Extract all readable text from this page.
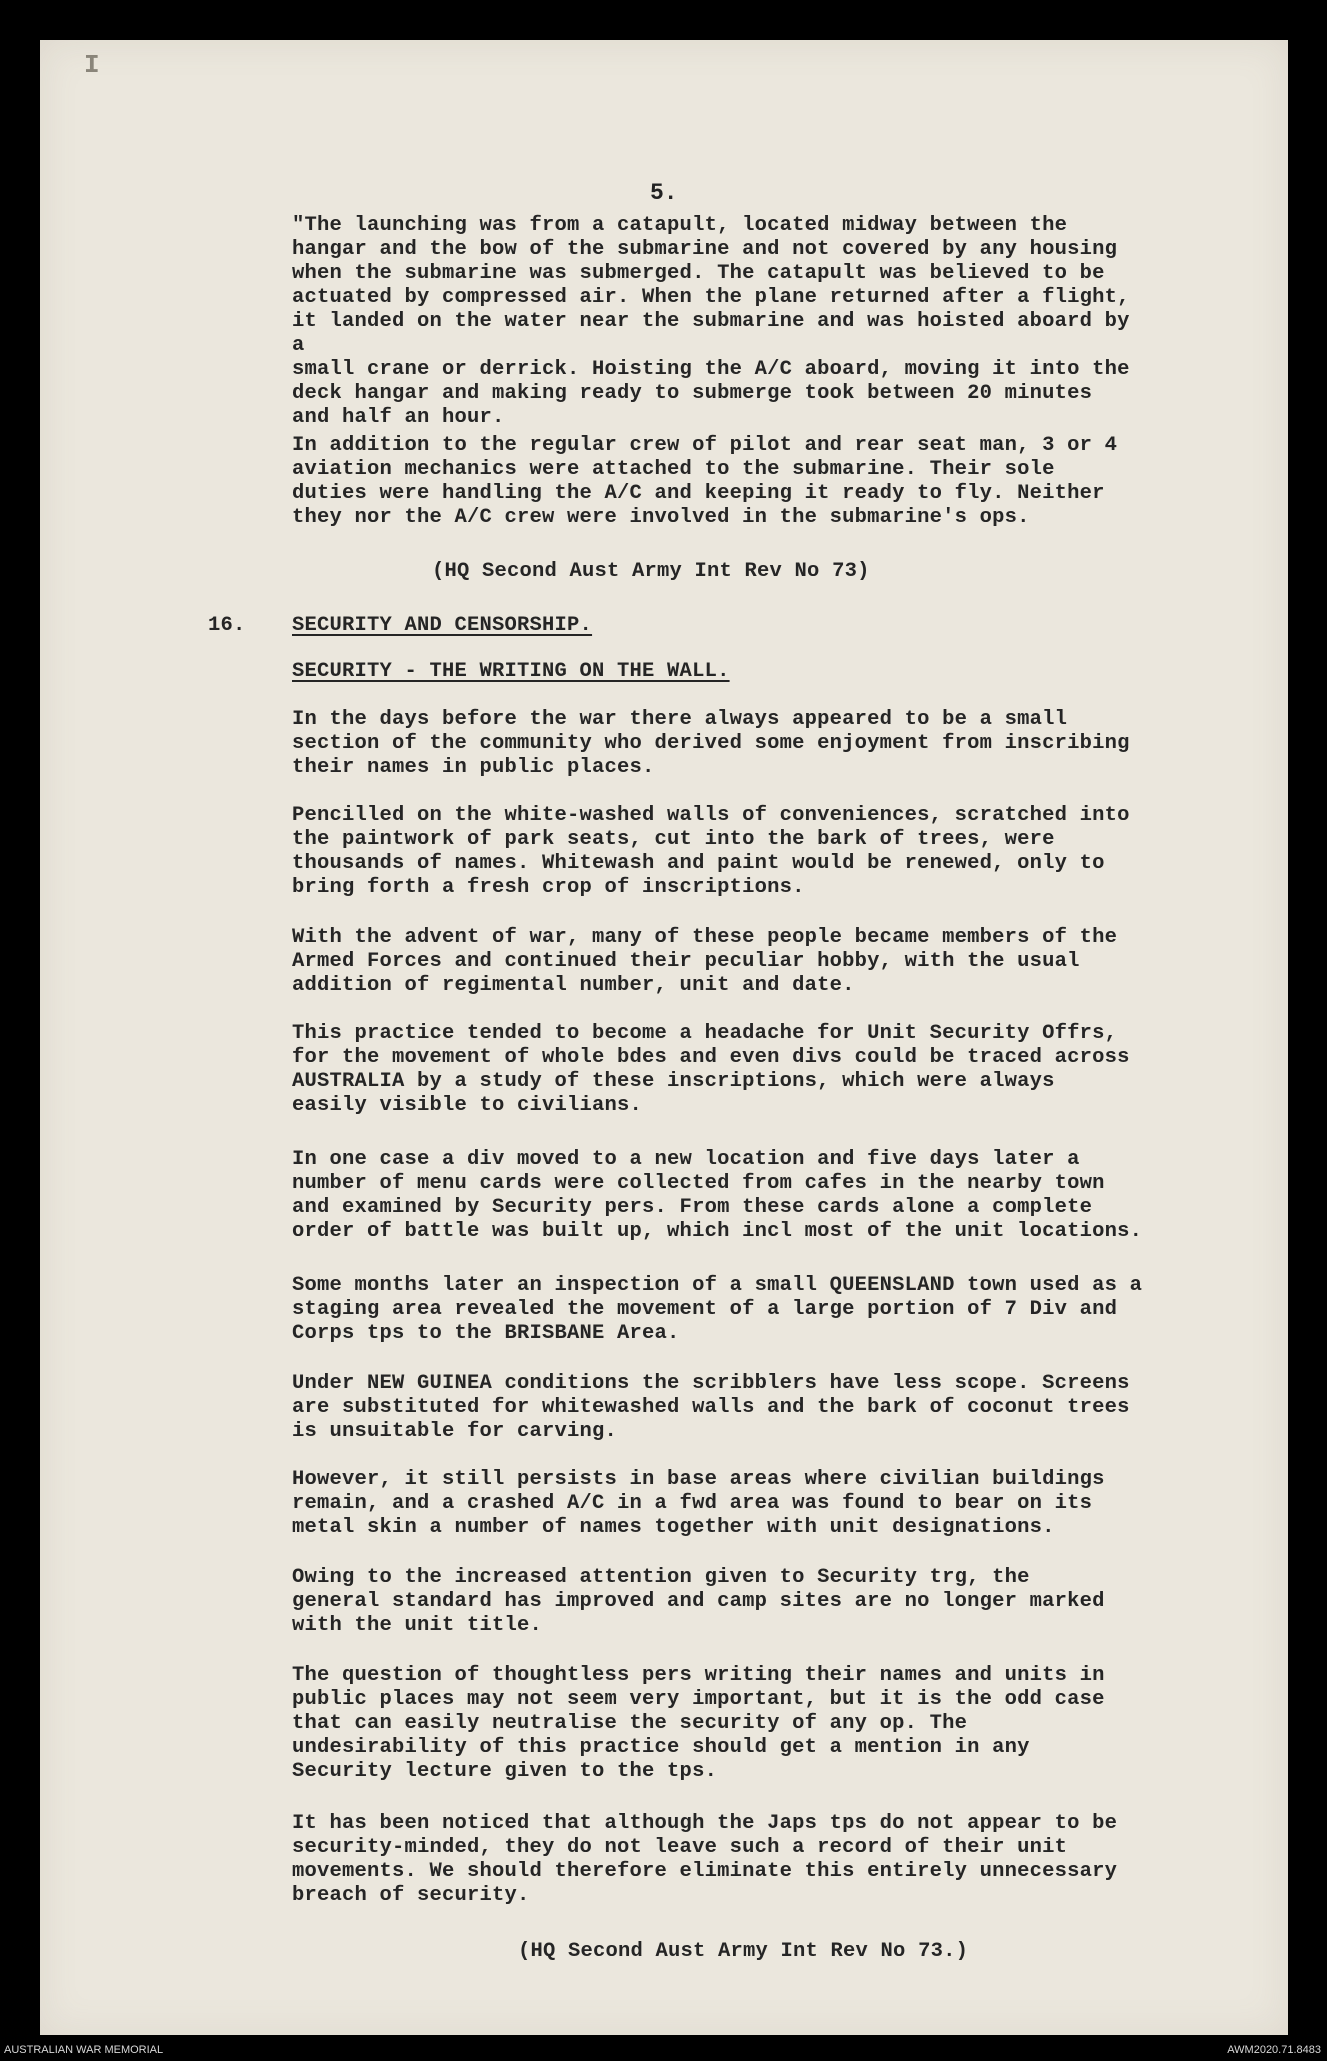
I
5.
"The launching was from a catapult, located midway between the
hangar and the bow of the submarine and not covered by any housing
when the submarine was submerged. The catapult was believed to be
actuated by compressed air. When the plane returned after a flight,
it landed on the water near the submarine and was hoisted aboard by a
small crane or derrick. Hoisting the A/C aboard, moving it into the
deck hangar and making ready to submerge took between 20 minutes
and half an hour.
In addition to the regular crew of pilot and rear seat man, 3 or 4
aviation mechanics were attached to the submarine. Their sole
duties were handling the A/C and keeping it ready to fly. Neither
they nor the A/C crew were involved in the submarine's ops.
(HQ Second Aust Army Int Rev No 73)
16. SECURITY AND CENSORSHIP.
SECURITY - THE WRITING ON THE WALL.
In the days before the war there always appeared to be a small
section of the community who derived some enjoyment from inscribing
their names in public places.
Pencilled on the white-washed walls of conveniences, scratched into
the paintwork of park seats, cut into the bark of trees, were
thousands of names. Whitewash and paint would be renewed, only to
bring forth a fresh crop of inscriptions.
With the advent of war, many of these people became members of the
Armed Forces and continued their peculiar hobby, with the usual
addition of regimental number, unit and date.
This practice tended to become a headache for Unit Security Offrs,
for the movement of whole bdes and even divs could be traced across
AUSTRALIA by a study of these inscriptions, which were always
easily visible to civilians.
In one case a div moved to a new location and five days later a
number of menu cards were collected from cafes in the nearby town
and examined by Security pers. From these cards alone a complete
order of battle was built up, which incl most of the unit locations.
Some months later an inspection of a small QUEENSLAND town used as a
staging area revealed the movement of a large portion of 7 Div and
Corps tps to the BRISBANE Area.
Under NEW GUINEA conditions the scribblers have less scope. Screens
are substituted for whitewashed walls and the bark of coconut trees
is unsuitable for carving.
However, it still persists in base areas where civilian buildings
remain, and a crashed A/C in a fwd area was found to bear on its
metal skin a number of names together with unit designations.
Owing to the increased attention given to Security trg, the
general standard has improved and camp sites are no longer marked
with the unit title.
The question of thoughtless pers writing their names and units in
public places may not seem very important, but it is the odd case
that can easily neutralise the security of any op. The
undesirability of this practice should get a mention in any
Security lecture given to the tps.
It has been noticed that although the Japs tps do not appear to be
security-minded, they do not leave such a record of their unit
movements. We should therefore eliminate this entirely unnecessary
breach of security.
(HQ Second Aust Army Int Rev No 73.)
AUSTRALIAN WAR MEMORIAL	AWM2020.71.8483
